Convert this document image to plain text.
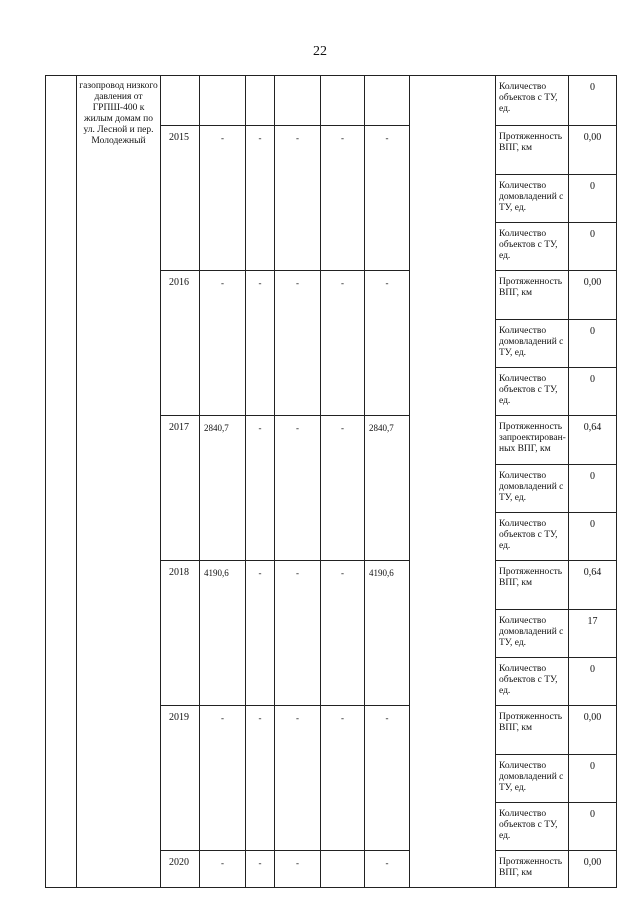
22
	газопровод низкого давления от ГРПШ-400 к жилым домам по ул. Лесной и пер. Молодежный								Количество объектов с ТУ, ед.	0
		2015	-	-	-	-	-		Протяженность ВПГ, км	0,00

									Количество домовладений с ТУ, ед.	0

									Количество объектов с ТУ, ед.	0
		2016	-	-	-	-	-		Протяженность ВПГ, км	0,00

									Количество домовладений с ТУ, ед.	0

									Количество объектов с ТУ, ед.	0
		2017	2840,7	-	-	-	2840,7		Протяженность запроектирован-ных ВПГ, км	0,64

									Количество домовладений с ТУ, ед.	0

									Количество объектов с ТУ, ед.	0
		2018	4190,6	-	-	-	4190,6		Протяженность ВПГ, км	0,64

									Количество домовладений с ТУ, ед.	17

									Количество объектов с ТУ, ед.	0
		2019	-	-	-	-	-		Протяженность ВПГ, км	0,00

									Количество домовладений с ТУ, ед.	0

									Количество объектов с ТУ, ед.	0
		2020	-	-	-		-		Протяженность ВПГ, км	0,00
